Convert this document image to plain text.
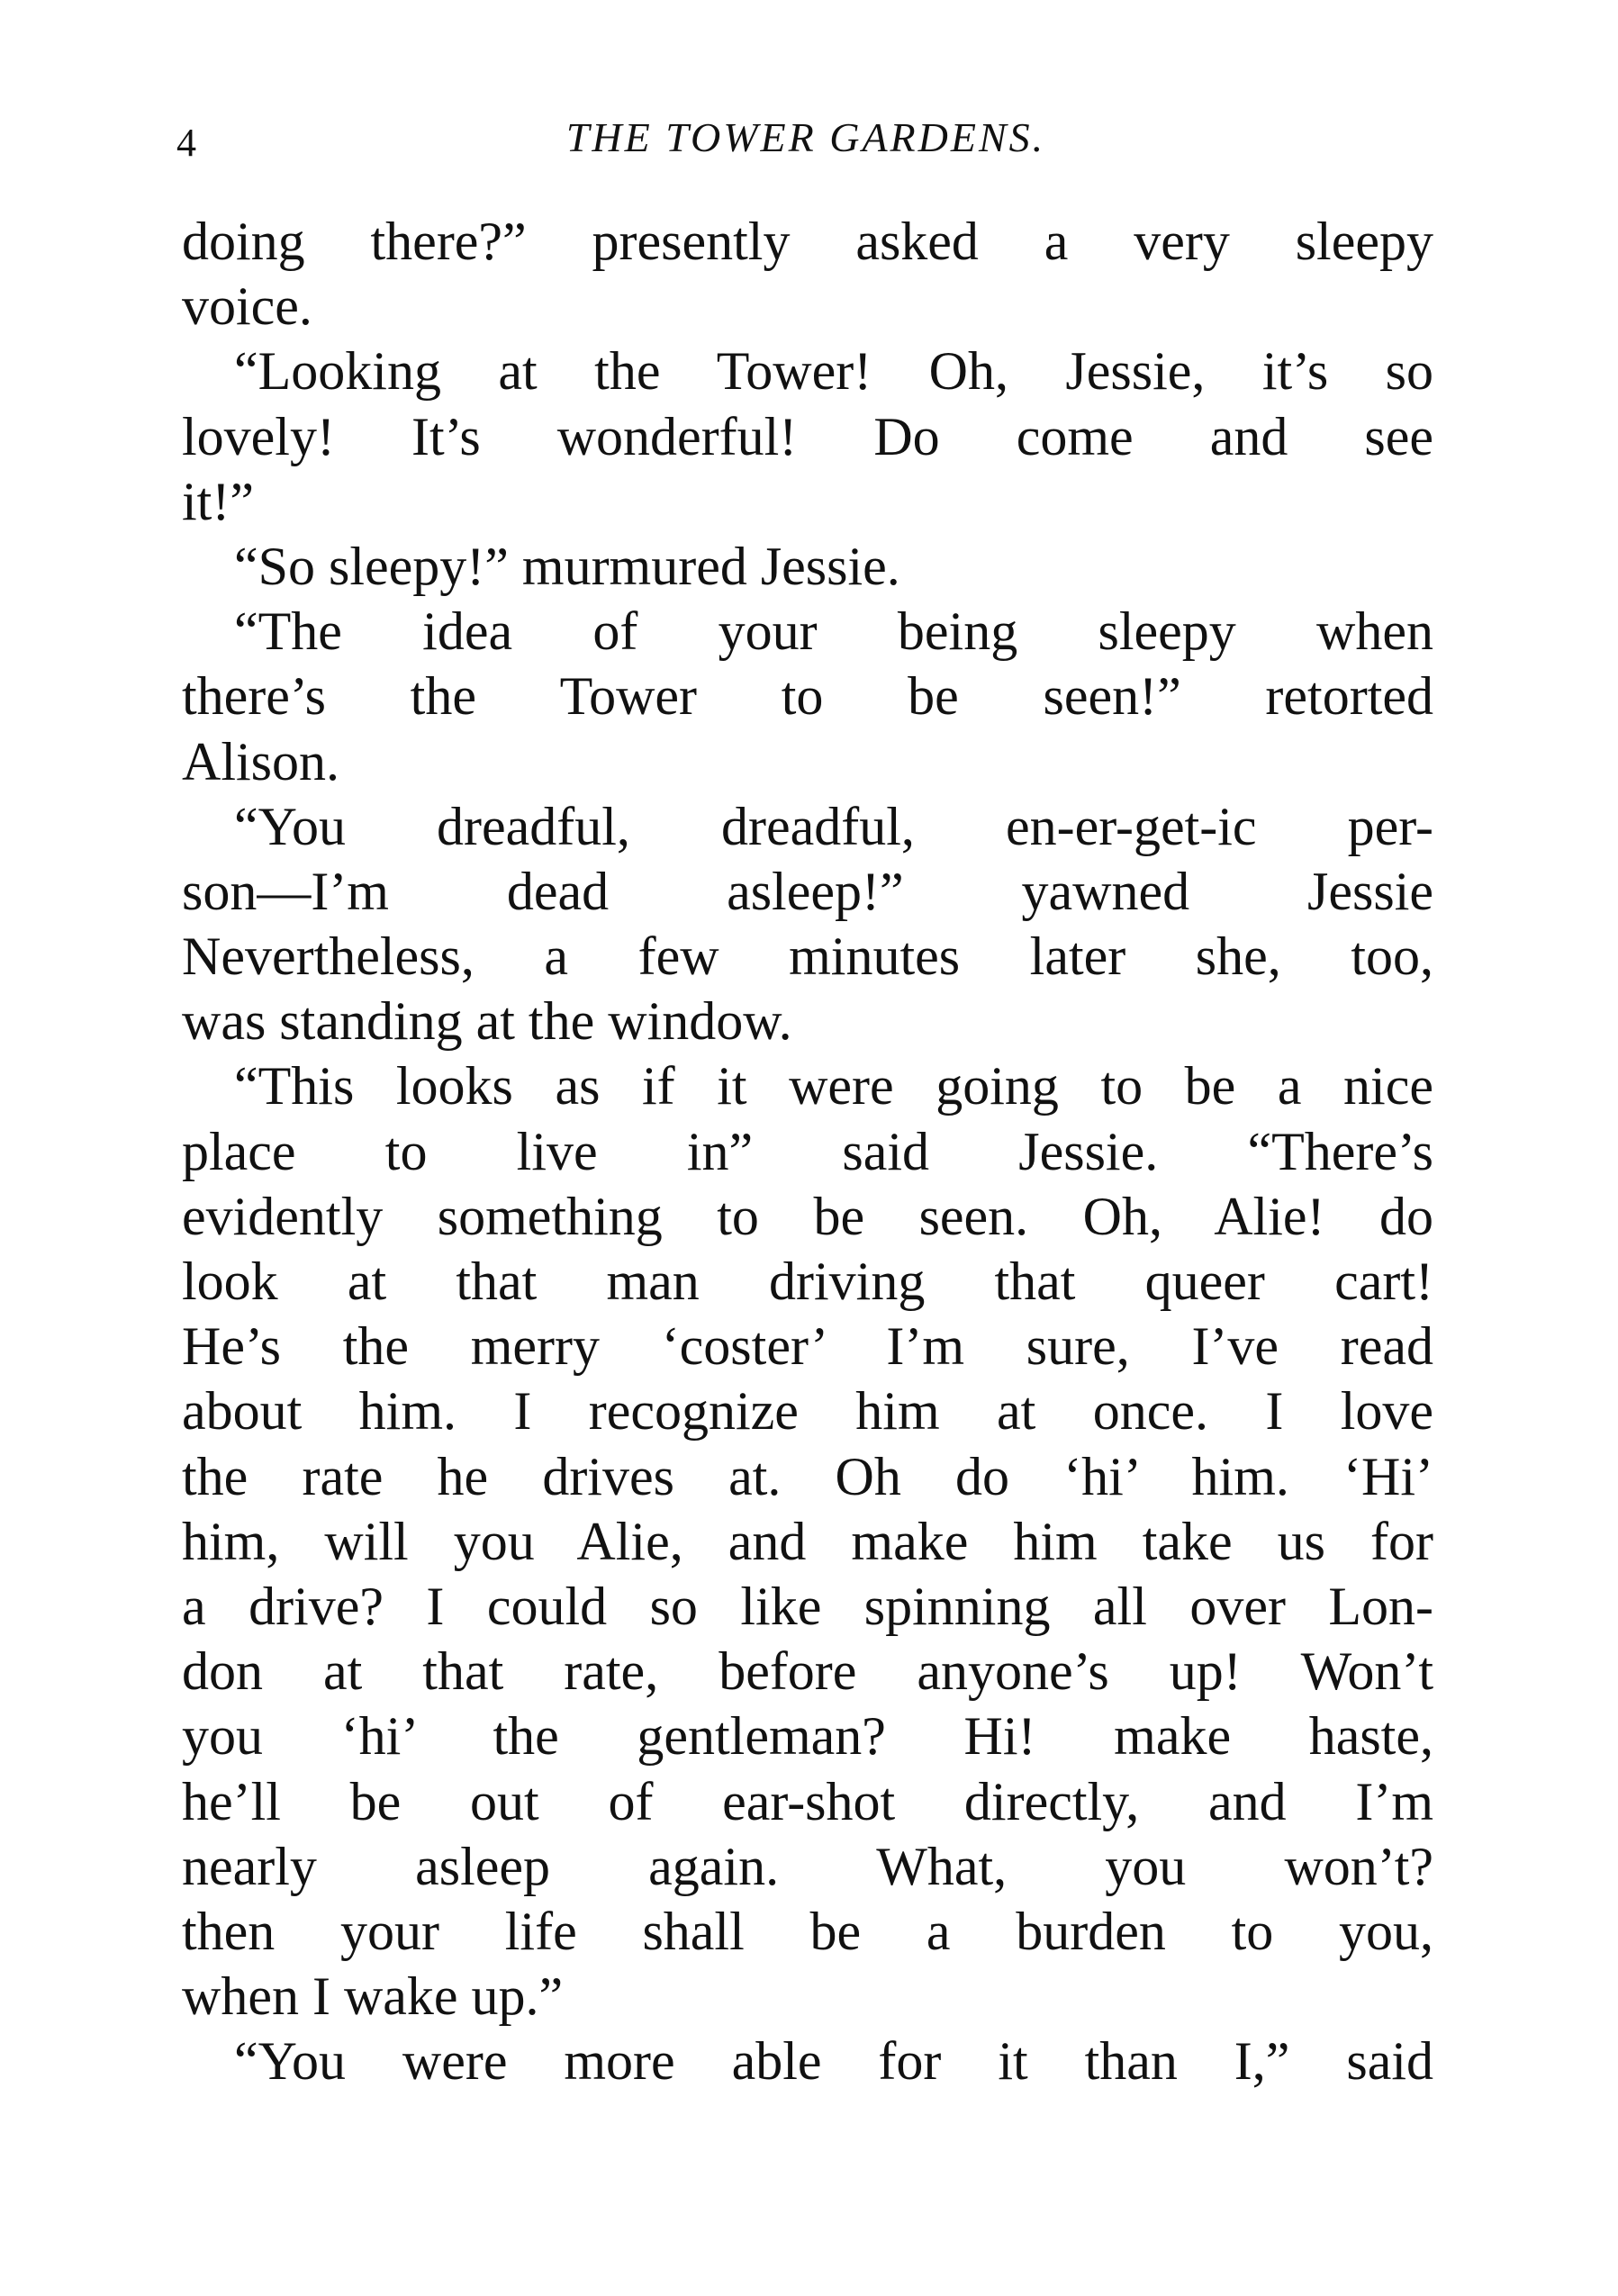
4	THE TOWER GARDENS.
doing there?” presently asked a very sleepy
voice.
“Looking at the Tower! Oh, Jessie, it’s so
lovely! It’s wonderful! Do come and see
it!”
“So sleepy!” murmured Jessie.
“The idea of your being sleepy when
there’s the Tower to be seen!” retorted
Alison.
“You dreadful, dreadful, en-er-get-ic per-
son—I’m dead asleep!” yawned Jessie
Nevertheless, a few minutes later she, too,
was standing at the window.
“This looks as if it were going to be a nice
place to live in” said Jessie. “There’s
evidently something to be seen. Oh, Alie! do
look at that man driving that queer cart!
He’s the merry ‘coster’ I’m sure, I’ve read
about him. I recognize him at once. I love
the rate he drives at. Oh do ‘hi’ him. ‘Hi’
him, will you Alie, and make him take us for
a drive? I could so like spinning all over Lon-
don at that rate, before anyone’s up! Won’t
you ‘hi’ the gentleman? Hi! make haste,
he’ll be out of ear-shot directly, and I’m
nearly asleep again. What, you won’t?
then your life shall be a burden to you,
when I wake up.”
“You were more able for it than I,” said
